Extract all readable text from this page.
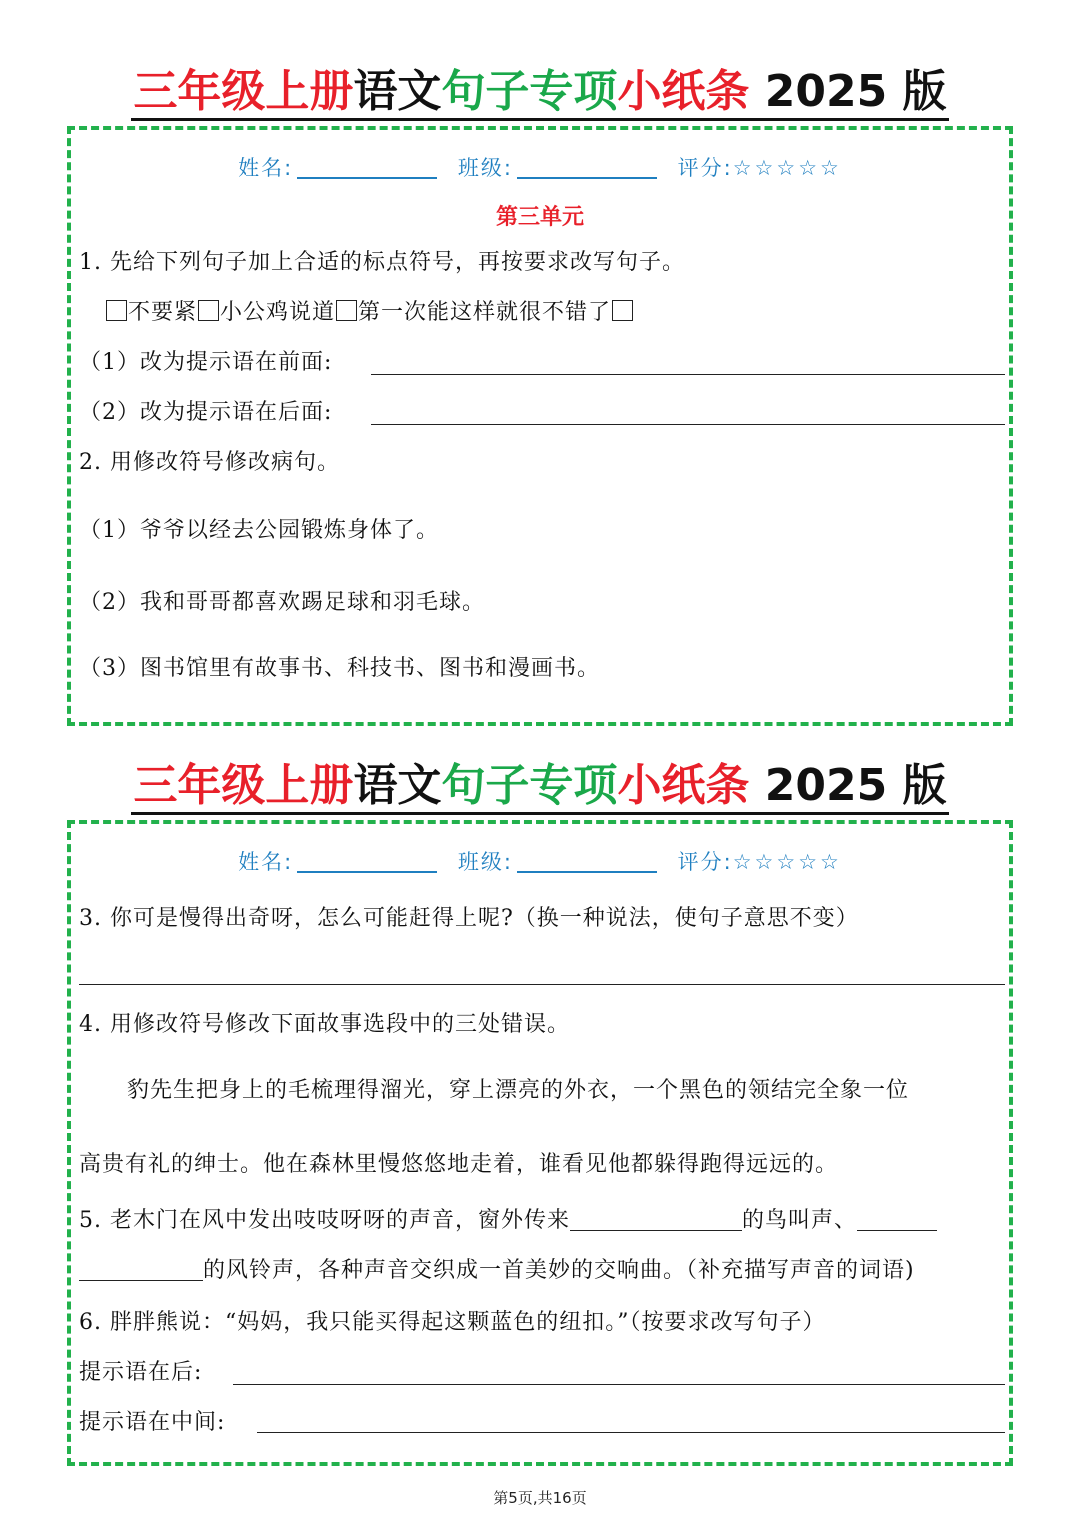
三年级上册语文句子专项小纸条 2025 版
姓名:	班级:	评分:☆☆☆☆☆
第三单元
1. 先给下列句子加上合适的标点符号，再按要求改写句子。
不要紧 小公鸡说道 第一次能这样就很不错了
（1）改为提示语在前面:
（2）改为提示语在后面:
2. 用修改符号修改病句。
（1）爷爷以经去公园锻炼身体了。
（2）我和哥哥都喜欢踢足球和羽毛球。
（3）图书馆里有故事书、科技书、图书和漫画书。
三年级上册语文句子专项小纸条 2025 版
姓名:	班级:	评分:☆☆☆☆☆
3. 你可是慢得出奇呀，怎么可能赶得上呢?（换一种说法，使句子意思不变）
4. 用修改符号修改下面故事选段中的三处错误。
豹先生把身上的毛梳理得溜光，穿上漂亮的外衣，一个黑色的领结完全象一位
高贵有礼的绅士。他在森林里慢悠悠地走着，谁看见他都躲得跑得远远的。
5. 老木门在风中发出吱吱呀呀的声音，窗外传来	的鸟叫声、
的风铃声，各种声音交织成一首美妙的交响曲。（补充描写声音的词语)
6. 胖胖熊说：“妈妈，我只能买得起这颗蓝色的纽扣。”（按要求改写句子）
提示语在后:
提示语在中间:
第5页,共16页
